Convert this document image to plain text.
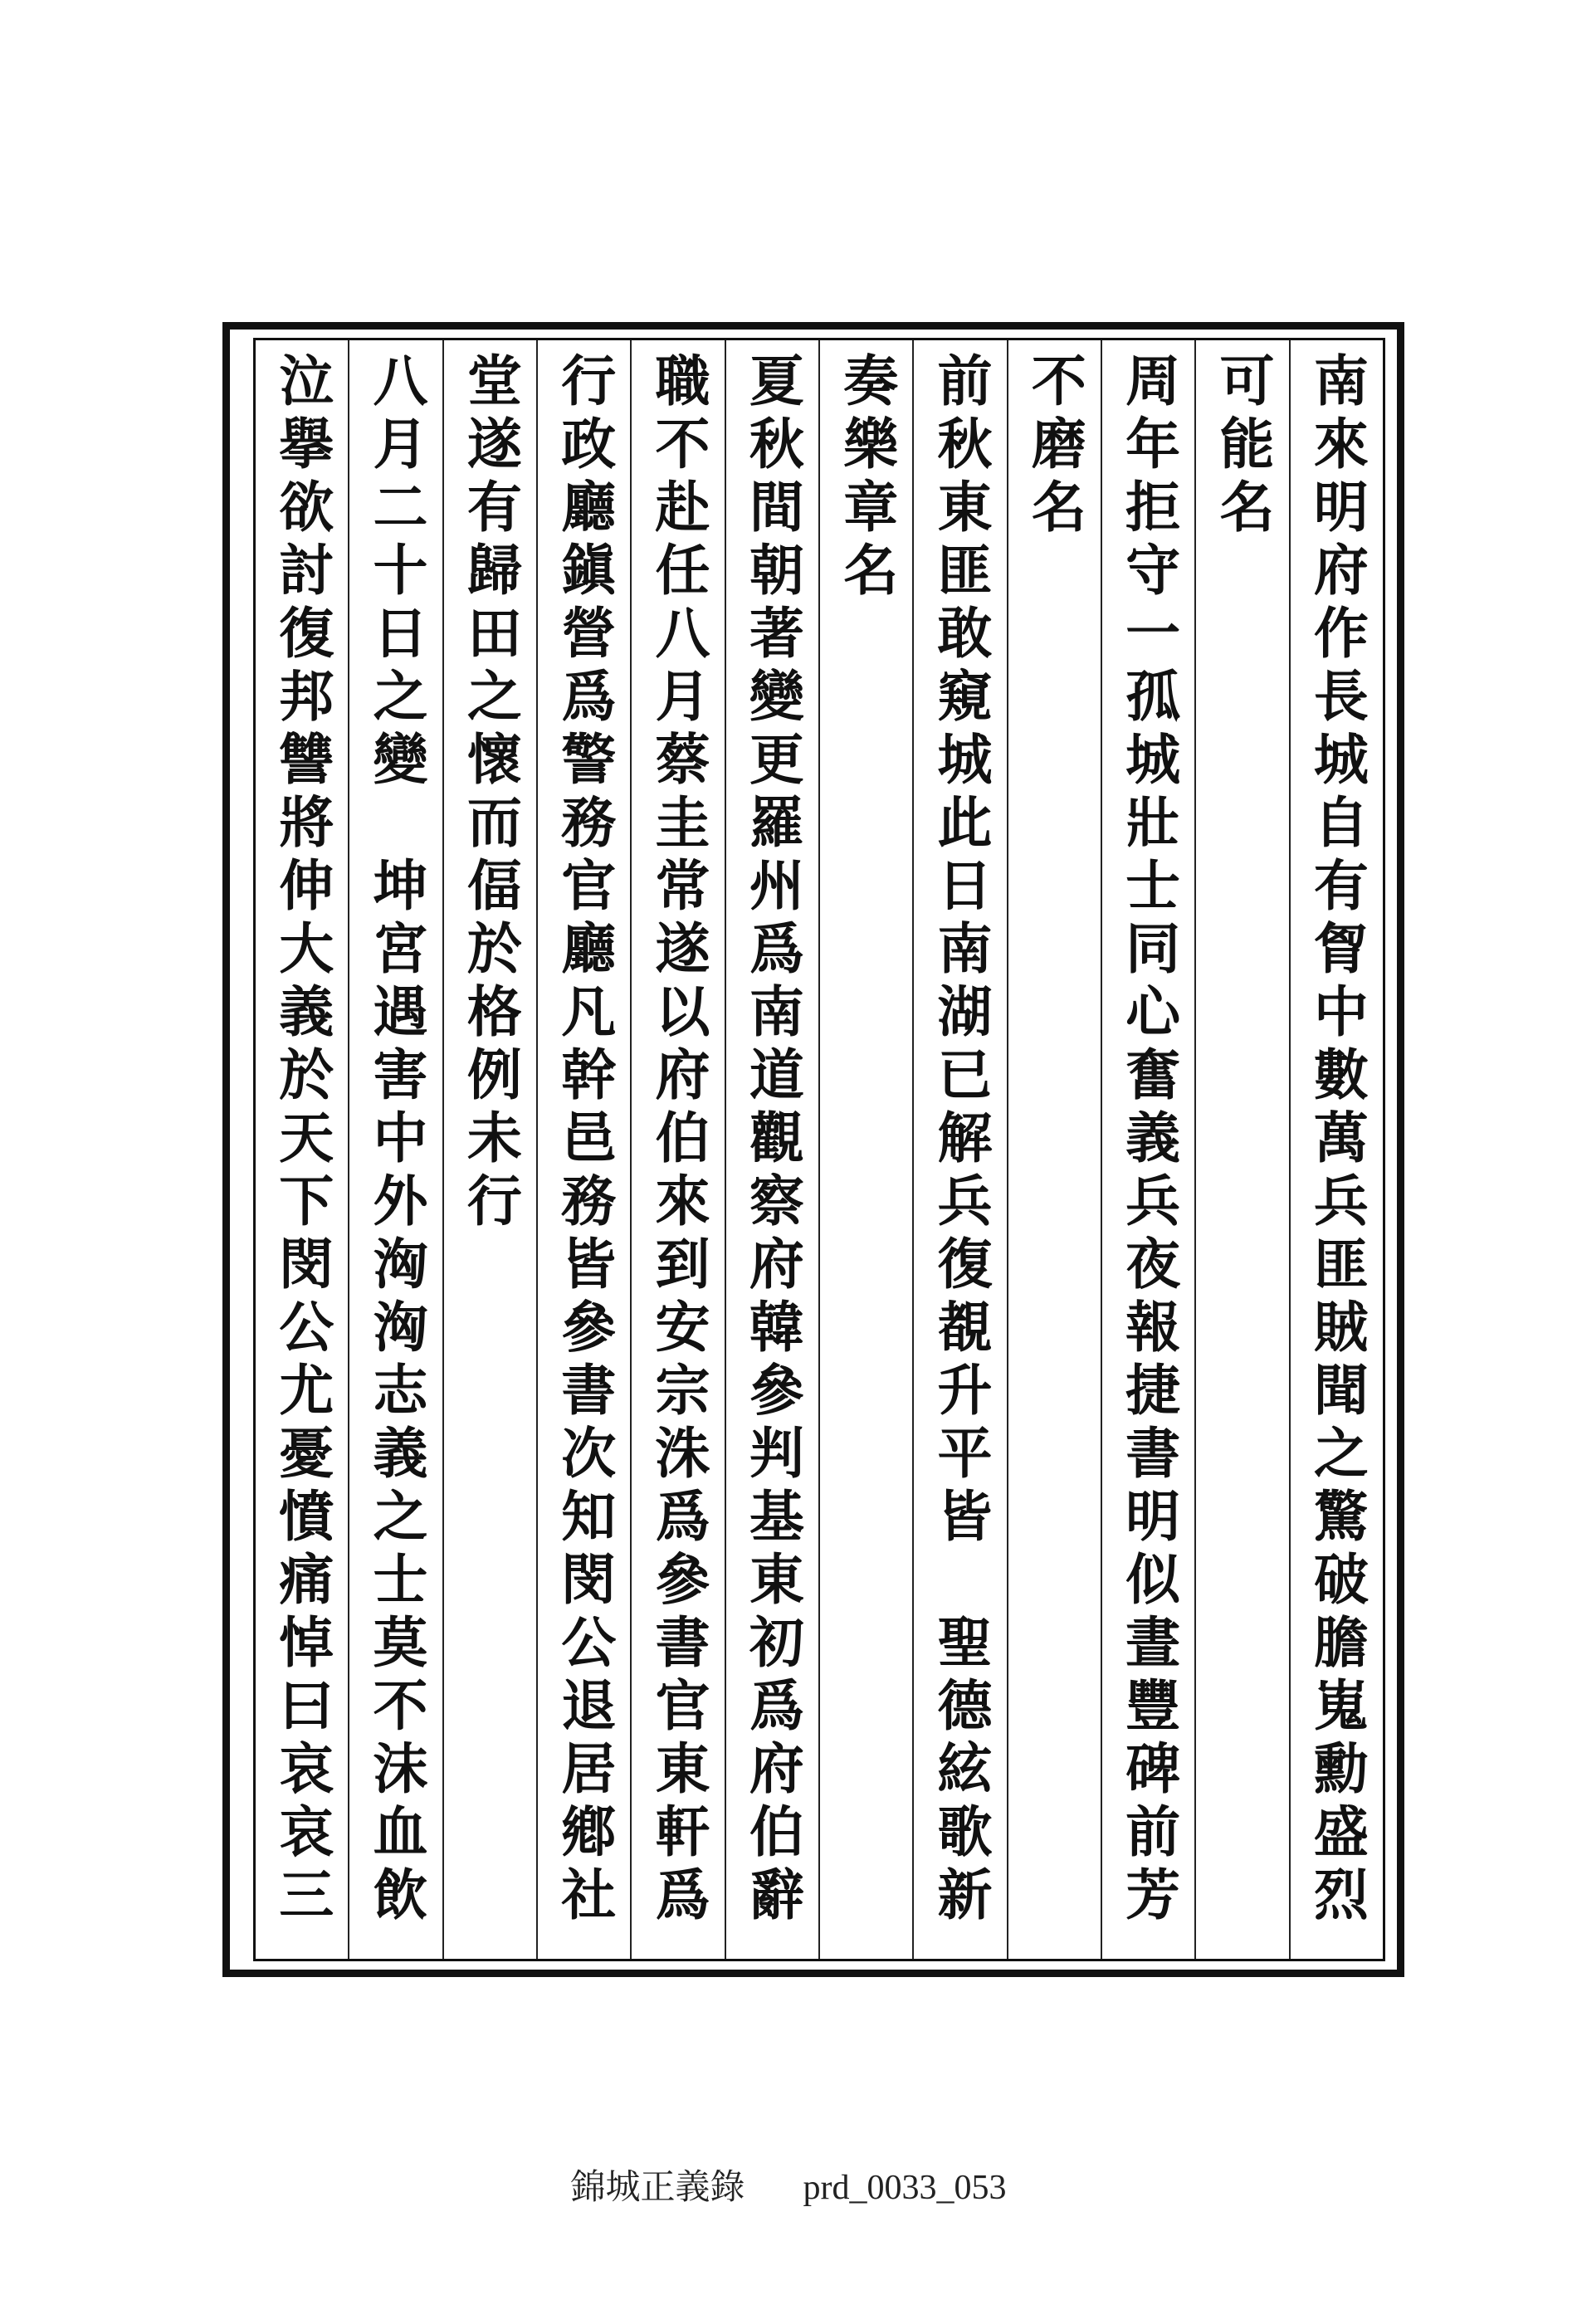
南來明府作長城自有胷中數萬兵匪賊聞之驚破膽嵬勳盛烈
可能名
周年拒守一孤城壯士同心奮義兵夜報捷書明似晝豐碑前芳
不磨名
前秋東匪敢窺城此日南湖已解兵復覩升平皆　聖德絃歌新
奏樂章名
夏秋間朝著變更羅州爲南道觀察府韓參判基東初爲府伯辭
職不赴任八月蔡圭常遂以府伯來到安宗洙爲參書官東軒爲
行政廳鎭營爲警務官廳凡幹邑務皆參書次知閔公退居鄕社
堂遂有歸田之懷而偪於格例未行
八月二十日之變　坤宮遇害中外洶洶志義之士莫不沫血飲
泣擧欲討復邦讐將伸大義於天下閔公尤憂憤痛悼曰哀哀三
錦城正義錄 prd_0033_053
